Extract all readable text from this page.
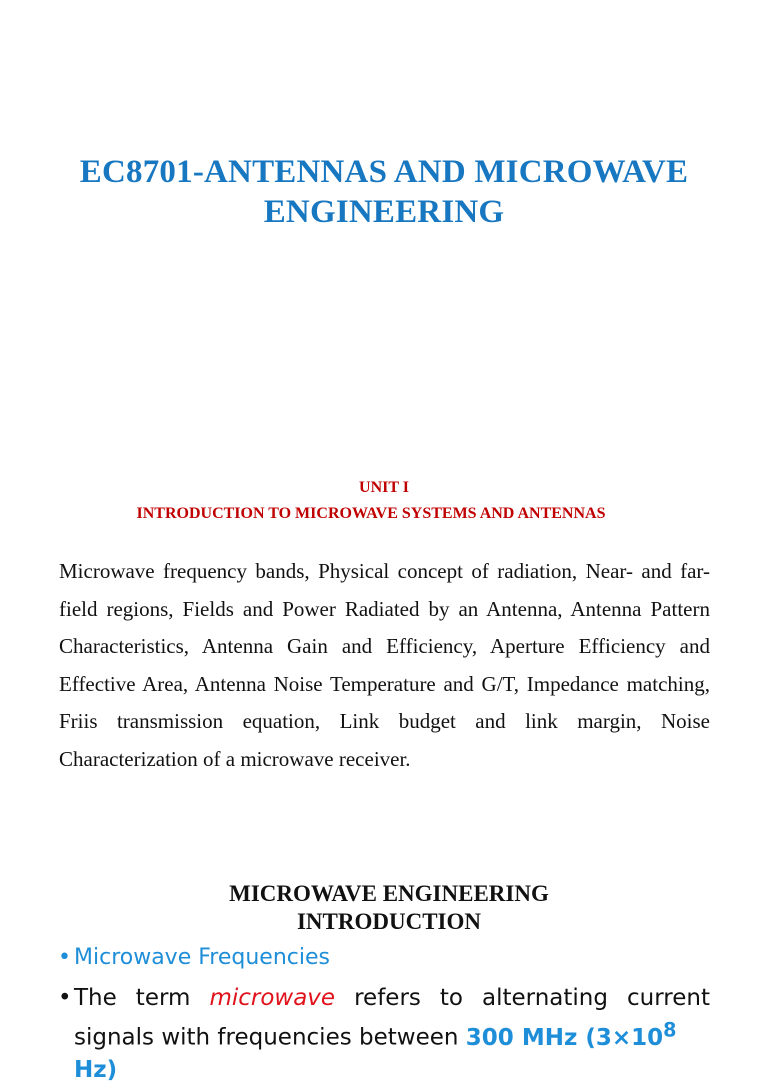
EC8701-ANTENNAS AND MICROWAVE
ENGINEERING

UNIT I

INTRODUCTION TO MICROWAVE SYSTEMS AND ANTENNAS

Microwave frequency bands, Physical concept of radiation, Near- and far-field regions, Fields and Power Radiated by an Antenna, Antenna Pattern Characteristics, Antenna Gain and Efficiency, Aperture Efficiency and Effective Area, Antenna Noise Temperature and G/T, Impedance matching, Friis transmission equation, Link budget and link margin, Noise Characterization of a microwave receiver.

MICROWAVE ENGINEERING
INTRODUCTION

• Microwave Frequencies

• The term microwave refers to alternating current
signals with frequencies between 300 MHz ($3\times 10^8$ Hz)
